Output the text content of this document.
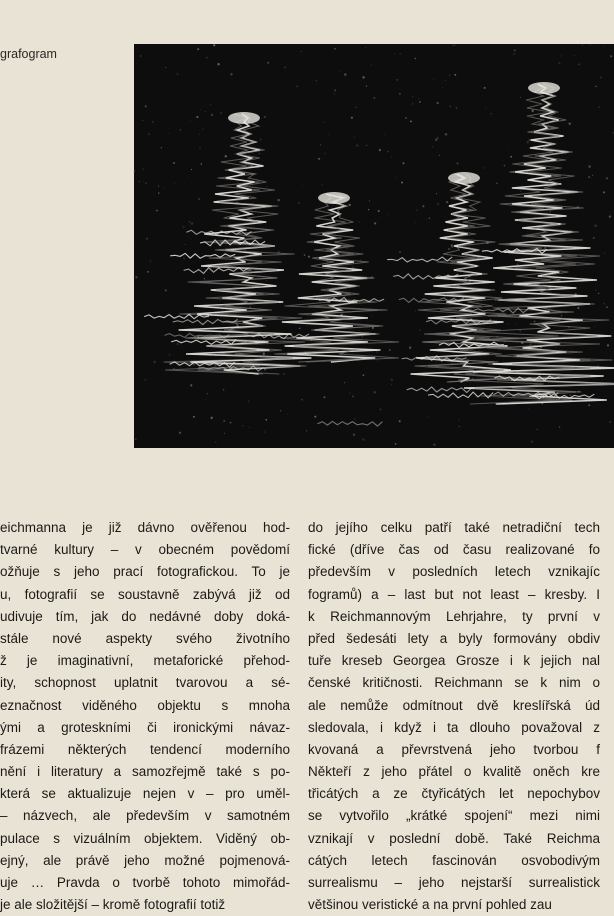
grafogram
eichmanna je již dávno ověřenou hod-
tvarné kultury – v obecném povědomí
ožňuje s jeho prací fotografickou. To je
u, fotografií se soustavně zabývá již od
udivuje tím, jak do nedávné doby doká-
stále nové aspekty svého životního
ž je imaginativní, metaforické přehod-
ity, schopnost uplatnit tvarovou a sé-
eznačnost viděného objektu s mnoha
ými a groteskními či ironickými návaz-
frázemi některých tendencí moderního
nění i literatury a samozřejmě také s po-
která se aktualizuje nejen v – pro uměl-
– názvech, ale především v samotném
pulace s vizuálním objektem. Viděný ob-
ejný, ale právě jeho možné pojmenová-
uje … Pravda o tvorbě tohoto mimořád-
je ale složitější – kromě fotografií totiž
do jejího celku patří také netradiční tech
fické (dříve čas od času realizované fo
především v posledních letech vznikajíc
fogramů) a – last but not least – kresby. I
k Reichmannovým Lehrjahre, ty první v
před šedesáti lety a byly formovány obdiv
tuře kreseb Georgea Grosze i k jejich nal
čenské kritičnosti. Reichmann se k nim o
ale nemůže odmítnout dvě kreslířská úd
sledovala, i když i ta dlouho považoval z
kvovaná a převrstvená jeho tvorbou f
Někteří z jeho přátel o kvalitě oněch kre
třicátých a ze čtyřicátých let nepochybov
se vytvořilo „krátké spojení“ mezi nimi
vznikají v poslední době. Také Reichma
cátých letech fascinován osvobodivým
surrealismu – jeho nejstarší surrealistick
většinou veristické a na první pohled zau
